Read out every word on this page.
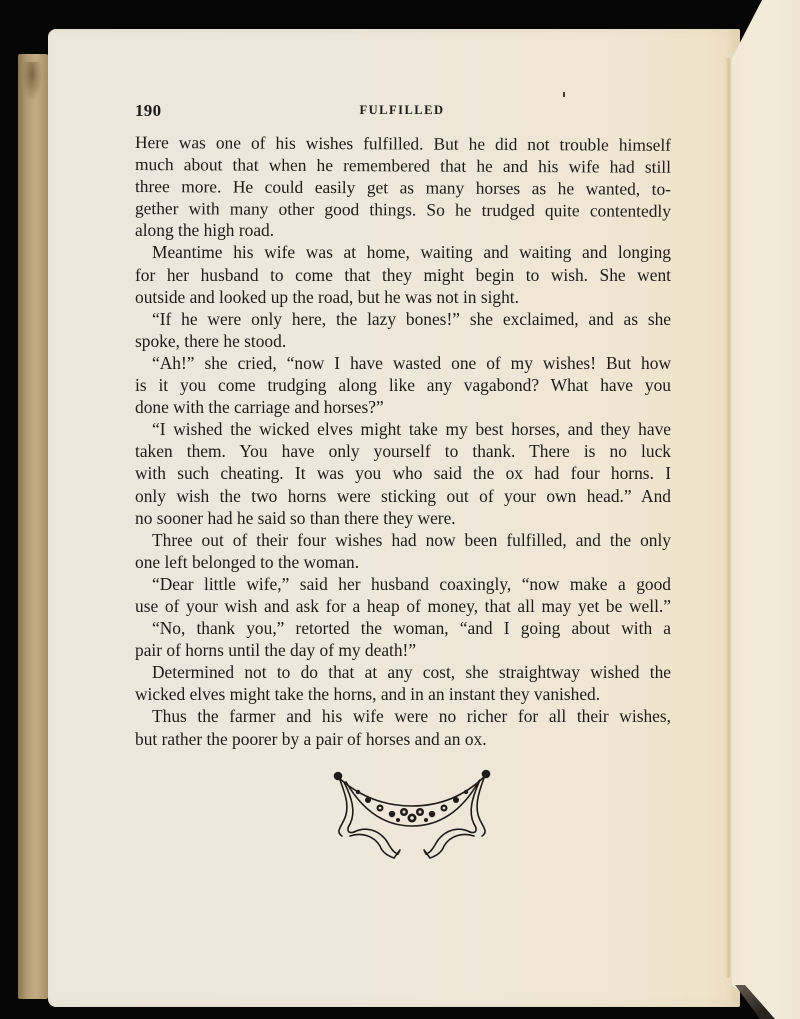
190	FULFILLED
Here was one of his wishes fulfilled. But he did not trouble himself
much about that when he remembered that he and his wife had still
three more. He could easily get as many horses as he wanted, to-
gether with many other good things. So he trudged quite contentedly
along the high road.
Meantime his wife was at home, waiting and waiting and longing
for her husband to come that they might begin to wish. She went
outside and looked up the road, but he was not in sight.
“If he were only here, the lazy bones!” she exclaimed, and as she
spoke, there he stood.
“Ah!” she cried, “now I have wasted one of my wishes! But how
is it you come trudging along like any vagabond? What have you
done with the carriage and horses?”
“I wished the wicked elves might take my best horses, and they have
taken them. You have only yourself to thank. There is no luck
with such cheating. It was you who said the ox had four horns. I
only wish the two horns were sticking out of your own head.” And
no sooner had he said so than there they were.
Three out of their four wishes had now been fulfilled, and the only
one left belonged to the woman.
“Dear little wife,” said her husband coaxingly, “now make a good
use of your wish and ask for a heap of money, that all may yet be well.”
“No, thank you,” retorted the woman, “and I going about with a
pair of horns until the day of my death!”
Determined not to do that at any cost, she straightway wished the
wicked elves might take the horns, and in an instant they vanished.
Thus the farmer and his wife were no richer for all their wishes,
but rather the poorer by a pair of horses and an ox.
